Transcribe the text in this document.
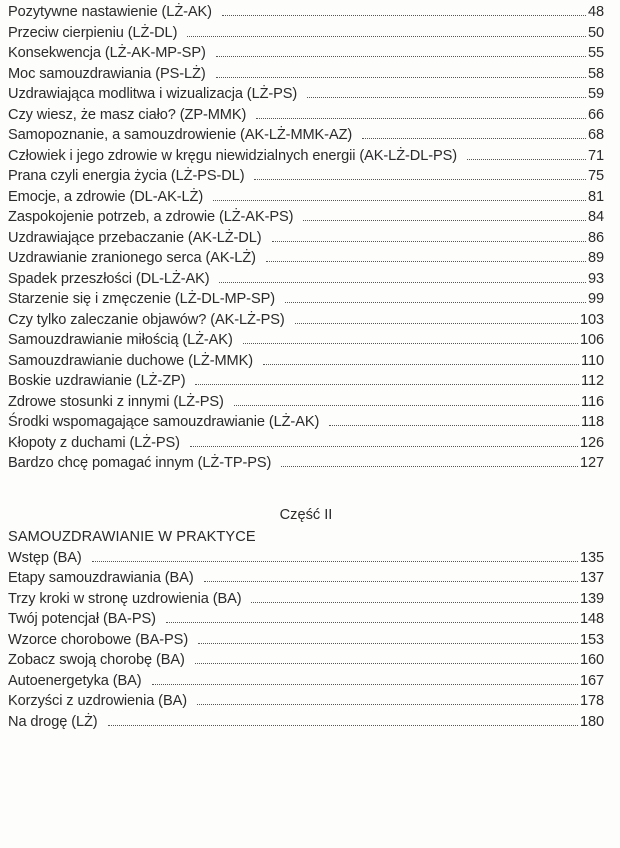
Pozytywne nastawienie (LŻ-AK)	48
Przeciw cierpieniu (LŻ-DL)	50
Konsekwencja (LŻ-AK-MP-SP)	55
Moc samouzdrawiania (PS-LŻ)	58
Uzdrawiająca modlitwa i wizualizacja (LŻ-PS)	59
Czy wiesz, że masz ciało? (ZP-MMK)	66
Samopoznanie, a samouzdrowienie (AK-LŻ-MMK-AZ)	68
Człowiek i jego zdrowie w kręgu niewidzialnych energii (AK-LŻ-DL-PS)	71
Prana czyli energia życia (LŻ-PS-DL)	75
Emocje, a zdrowie (DL-AK-LŻ)	81
Zaspokojenie potrzeb, a zdrowie (LŻ-AK-PS)	84
Uzdrawiające przebaczanie (AK-LŻ-DL)	86
Uzdrawianie zranionego serca (AK-LŻ)	89
Spadek przeszłości (DL-LŻ-AK)	93
Starzenie się i zmęczenie (LŻ-DL-MP-SP)	99
Czy tylko zaleczanie objawów? (AK-LŻ-PS)	103
Samouzdrawianie miłością (LŻ-AK)	106
Samouzdrawianie duchowe (LŻ-MMK)	110
Boskie uzdrawianie (LŻ-ZP)	112
Zdrowe stosunki z innymi (LŻ-PS)	116
Środki wspomagające samouzdrawianie (LŻ-AK)	118
Kłopoty z duchami (LŻ-PS)	126
Bardzo chcę pomagać innym (LŻ-TP-PS)	127
Część II
SAMOUZDRAWIANIE W PRAKTYCE
Wstęp (BA)	135
Etapy samouzdrawiania (BA)	137
Trzy kroki w stronę uzdrowienia (BA)	139
Twój potencjał (BA-PS)	148
Wzorce chorobowe (BA-PS)	153
Zobacz swoją chorobę (BA)	160
Autoenergetyka (BA)	167
Korzyści z uzdrowienia (BA)	178
Na drogę (LŻ)	180
